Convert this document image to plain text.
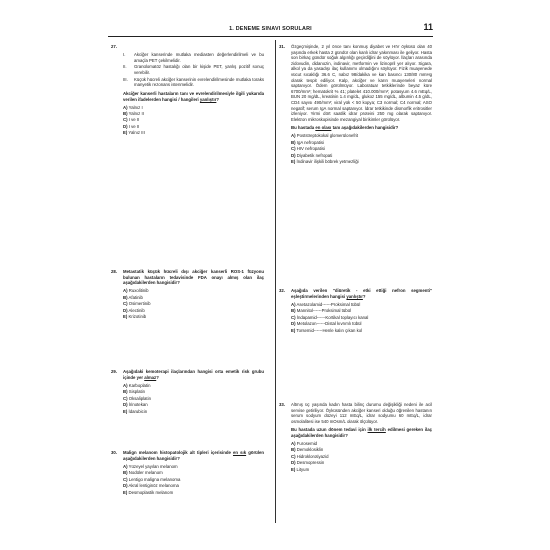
1. DENEME SINAVI SORULARI	11
27.
I.	Akciğer kanserinde mutlaka mediasten değerlendirilmeli ve bu amaçla PET çekilmelidir.
II.	Granülomatöz hastalığı olan bir kişide PET, yanlış pozitif sonuç verebilir.
III.	Küçük hücreli akciğer kanserinin evrelendirilmesinde mutlaka toraks manyetik rezonans istenmelidir.
Akciğer kanserli hastaların tanı ve evrelendirilmesiyle ilgili yukarıda verilen ifadelerden hangisi / hangileri yanlıştır?
A) Yalnız I
B) Yalnız II
C) I ve II
D) I ve II
E) Yalnız III
28. Metastatik küçük hücreli dışı akciğer kanserli ROS-1 füzyonu bulunan hastaların tedavisinde FDA onayı almış olan ilaç aşağıdakilerden hangisidir?
A) Ruxolitinib
B) Afatinib
C) Osimertinib
D) Alectinib
E) Krizotinib
29. Aşağıdaki kemoterapi ilaçlarından hangisi orta emetik risk grubu içinde yer almaz?
A) Karboplatin
B) Sisplatin
C) Oksaliplatin
D) İrinotekan
E) İdarubicin
30. Malign melanom histopatolojik alt tipleri içerisinde en sık görülen aşağıdakilerden hangisidir?
A) Yüzeyel yayılan melanom
B) Nodüler melanom
C) Lentigo maligna melanoma
D) Akral lentiginöz melanoma
E) Desmoplastik melanom
31. Özgeçmişinde, 2 yıl önce tanı konmuş diyabet ve HIV öyküsü olan 40 yaşında erkek hasta 2 gündür olan kanlı idrar yakınması ile geliyor. Hasta son birkaç gündür soğuk algınlığı geçirdiğini de söylüyor. İlaçları arasında zidovudin, didanozin, indinavir, metformin ve lizinopril yer alıyor. Sigara, alkol ya da yasadışı ilaç kullanımı olmadığını söylüyor. Fizik muayenede vücut sıcaklığı 36.6 C, nabız 98/dakika ve kan basıncı 130/80 mmHg olarak tespit ediliyor. Kalp, akciğer ve karın muayeneleri normal saptanıyor. Ödem görülmüyor. Laboratuar tetkiklerinde beyaz küre 6700/mm³; hematokrit % 41; platelet 410.000/mm³; potasyum 4.6 mEq/L, BUN 20 mg/dL, kreatinin 1.4 mg/dL, glukoz 155 mg/dL, albumin 4.5 g/dL, CD4 sayısı 490/mm³; viral yük < 50 kopya; C3 normal; C4 normal; ASO negatif; serum IgA normal saptanıyor. İdrar tetkikinde dismorfik eritrositler izleniyor. Yirmi dört saatlik idrar proteini 250 mg olarak saptanıyor. Elektron mikroskopisinde mezangiyal birikimler görülüyor.
Bu hastada en olası tanı aşağıdakilerden hangisidir?
A) Poststreptokokal glomerülonefrit
B) IgA nefropatisi
C) HIV nefropatisi
D) Diyabetik nefropati
E) İndinavir ilişkili böbrek yetmezliği
32. Aşağıda verilen "diüretik - etki ettiği nefron segmenti" eşleştirmelerinden hangisi yanlıştır?
A) Asetazolamid------Proksimal tübül
B) Mannitol------Proksimal tübül
C) İndapamid------Kortikal toplayıcı kanal
D) Metolazon------Distal kıvrımlı tübül
E) Torsemid------Henle kalın çıkan kol
33. Altmış üç yaşında kadın hasta bilinç durumu değişikliği nedeni ile acil servise getiriliyor. Öyküsünden akciğer kanseri olduğu öğrenilen hastanın serum sodyum düzeyi 112 mEq/L, idrar sodyumu 60 mEq/L, idrar osmolalitesi ise 540 mOsm/L olarak ölçülüyor.
Bu hastada uzun dönem tedavi için ilk tercih edilmesi gereken ilaç aşağıdakilerden hangisidir?
A) Furosemid
B) Demoklosiklin
C) Hidroklorotiyazid
D) Desmopressin
E) Lityum
